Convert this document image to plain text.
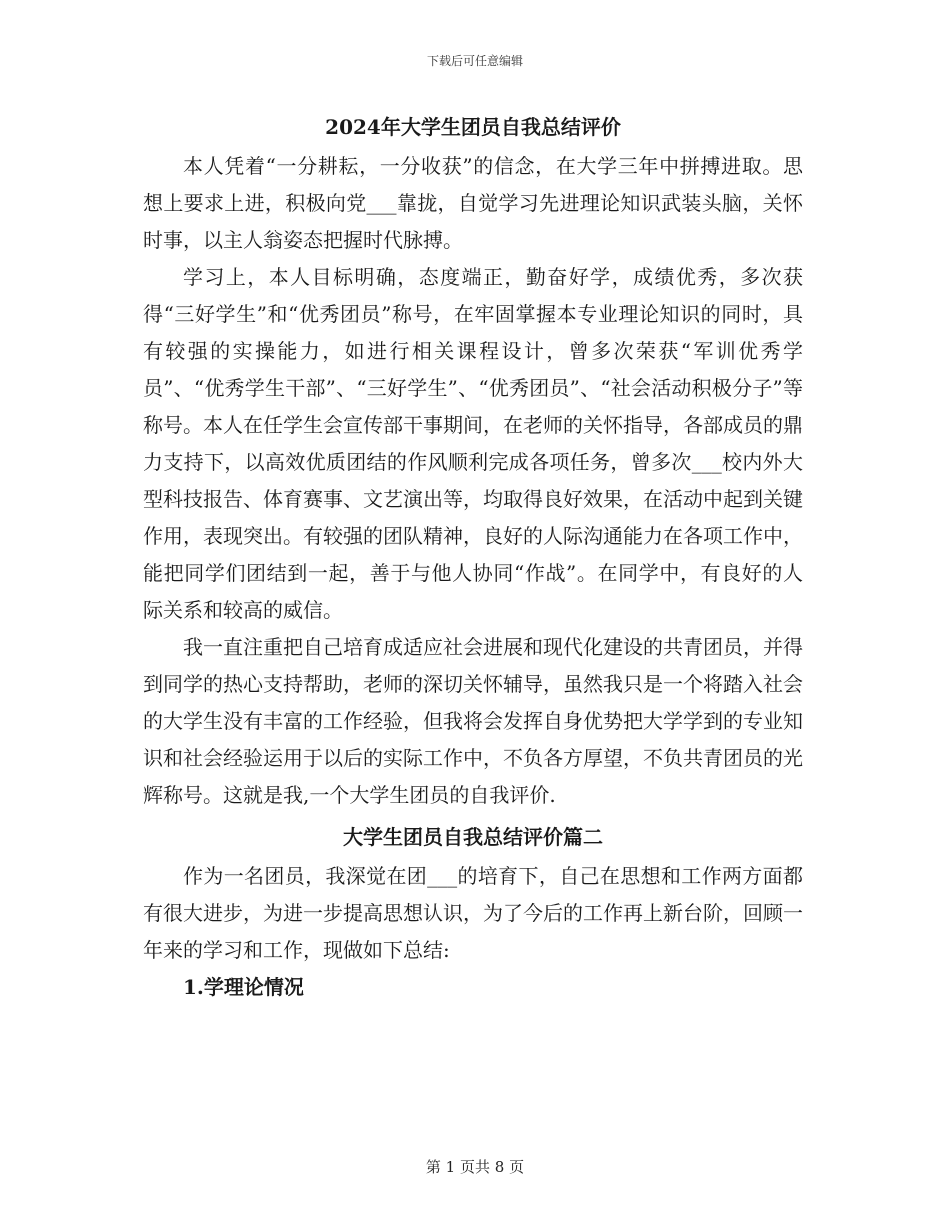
下载后可任意编辑
2024年大学生团员自我总结评价

本人凭着“一分耕耘，一分收获”的信念，在大学三年中拼搏进取。思想上要求上进，积极向党___靠拢，自觉学习先进理论知识武装头脑，关怀时事，以主人翁姿态把握时代脉搏。

学习上，本人目标明确，态度端正，勤奋好学，成绩优秀，多次获得“三好学生”和“优秀团员”称号，在牢固掌握本专业理论知识的同时，具有较强的实操能力，如进行相关课程设计，曾多次荣获“军训优秀学员”、“优秀学生干部”、“三好学生”、“优秀团员”、“社会活动积极分子”等称号。本人在任学生会宣传部干事期间，在老师的关怀指导，各部成员的鼎力支持下，以高效优质团结的作风顺利完成各项任务，曾多次___校内外大型科技报告、体育赛事、文艺演出等，均取得良好效果，在活动中起到关键作用，表现突出。有较强的团队精神，良好的人际沟通能力在各项工作中，能把同学们团结到一起，善于与他人协同“作战”。在同学中，有良好的人际关系和较高的威信。

我一直注重把自己培育成适应社会进展和现代化建设的共青团员，并得到同学的热心支持帮助，老师的深切关怀辅导，虽然我只是一个将踏入社会的大学生没有丰富的工作经验，但我将会发挥自身优势把大学学到的专业知识和社会经验运用于以后的实际工作中，不负各方厚望，不负共青团员的光辉称号。这就是我,一个大学生团员的自我评价.

大学生团员自我总结评价篇二

作为一名团员，我深觉在团___的培育下，自己在思想和工作两方面都有很大进步，为进一步提高思想认识，为了今后的工作再上新台阶，回顾一年来的学习和工作，现做如下总结:

1.学理论情况
第 1 页共 8 页
